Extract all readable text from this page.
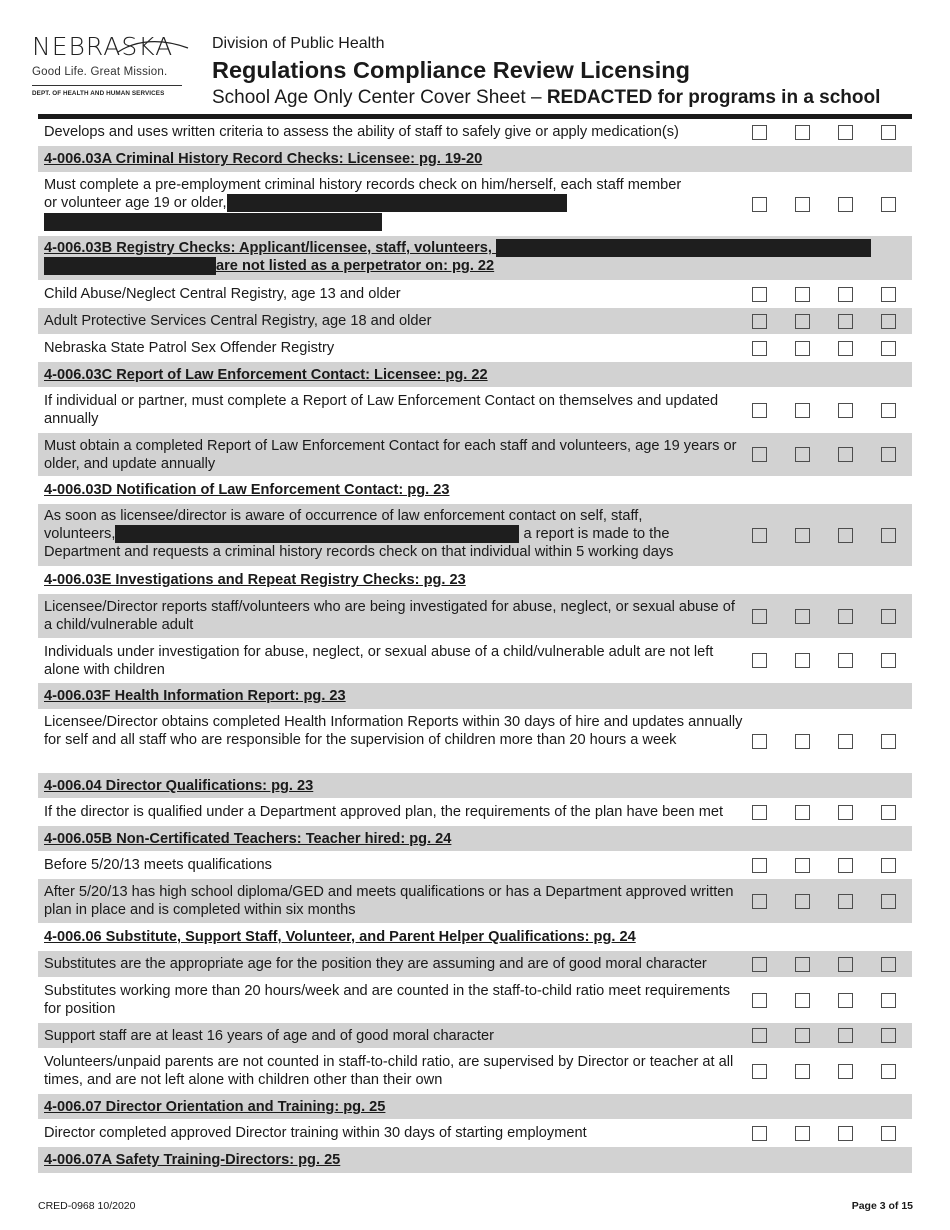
NEBRASKA
Good Life. Great Mission.
DEPT. OF HEALTH AND HUMAN SERVICES
Division of Public Health
Regulations Compliance Review Licensing
School Age Only Center Cover Sheet – REDACTED for programs in a school
Develops and uses written criteria to assess the ability of staff to safely give or apply medication(s)
4-006.03A Criminal History Record Checks: Licensee: pg. 19-20
Must complete a pre-employment criminal history records check on him/herself, each staff member or volunteer age 19 or older,

4-006.03B Registry Checks: Applicant/licensee, staff, volunteers,
are not listed as a perpetrator on: pg. 22
Child Abuse/Neglect Central Registry, age 13 and older
Adult Protective Services Central Registry, age 18 and older
Nebraska State Patrol Sex Offender Registry
4-006.03C Report of Law Enforcement Contact: Licensee: pg. 22
If individual or partner, must complete a Report of Law Enforcement Contact on themselves and updated annually
Must obtain a completed Report of Law Enforcement Contact for each staff and volunteers, age 19 years or older, and update annually
4-006.03D Notification of Law Enforcement Contact: pg. 23
As soon as licensee/director is aware of occurrence of law enforcement contact on self, staff,
volunteers,	a report is made to the
Department and requests a criminal history records check on that individual within 5 working days
4-006.03E Investigations and Repeat Registry Checks: pg. 23
Licensee/Director reports staff/volunteers who are being investigated for abuse, neglect, or sexual abuse of a child/vulnerable adult
Individuals under investigation for abuse, neglect, or sexual abuse of a child/vulnerable adult are not left alone with children
4-006.03F Health Information Report: pg. 23
Licensee/Director obtains completed Health Information Reports within 30 days of hire and updates annually for self and all staff who are responsible for the supervision of children more than 20 hours a week
4-006.04 Director Qualifications: pg. 23
If the director is qualified under a Department approved plan, the requirements of the plan have been met
4-006.05B Non-Certificated Teachers: Teacher hired: pg. 24
Before 5/20/13 meets qualifications
After 5/20/13 has high school diploma/GED and meets qualifications or has a Department approved written plan in place and is completed within six months
4-006.06 Substitute, Support Staff, Volunteer, and Parent Helper Qualifications: pg. 24
Substitutes are the appropriate age for the position they are assuming and are of good moral character
Substitutes working more than 20 hours/week and are counted in the staff-to-child ratio meet requirements for position
Support staff are at least 16 years of age and of good moral character
Volunteers/unpaid parents are not counted in staff-to-child ratio, are supervised by Director or teacher at all times, and are not left alone with children other than their own
4-006.07 Director Orientation and Training: pg. 25
Director completed approved Director training within 30 days of starting employment
4-006.07A Safety Training-Directors: pg. 25
CRED-0968 10/2020	Page 3 of 15
